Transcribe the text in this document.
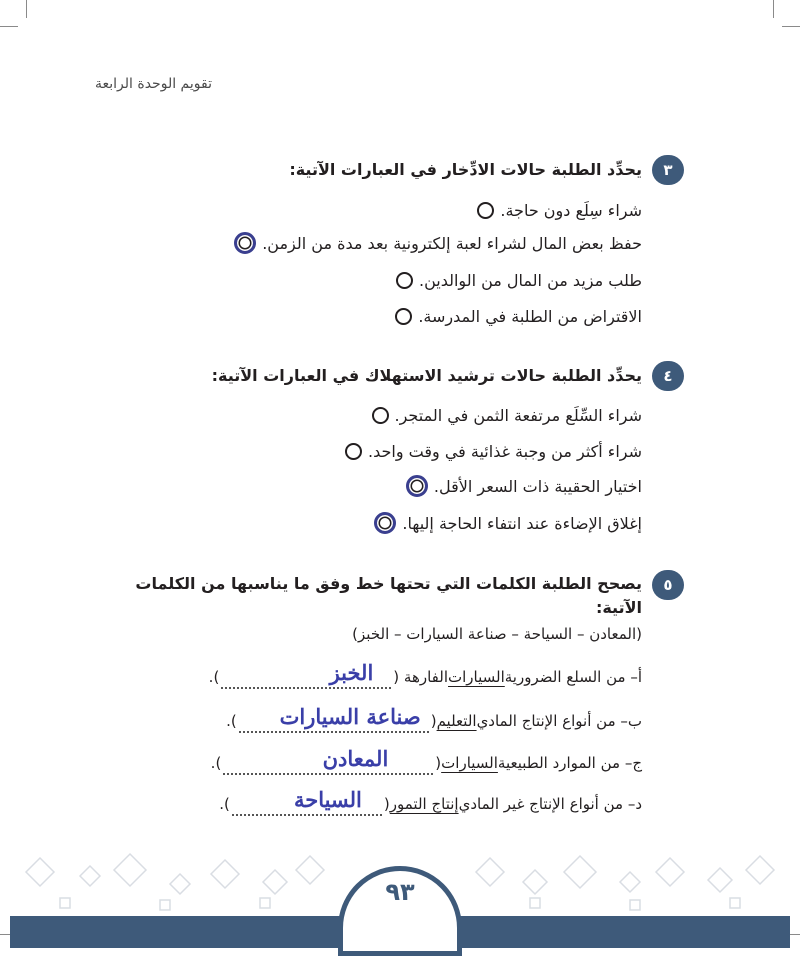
تقويم الوحدة الرابعة
٣
يحدِّد الطلبة حالات الادِّخار في العبارات الآتية:
شراء سِلَع دون حاجة.
حفظ بعض المال لشراء لعبة إلكترونية بعد مدة من الزمن.
طلب مزيد من المال من الوالدين.
الاقتراض من الطلبة في المدرسة.
٤
يحدِّد الطلبة حالات ترشيد الاستهلاك في العبارات الآتية:
شراء السِّلَع مرتفعة الثمن في المتجر.
شراء أكثر من وجبة غذائية في وقت واحد.
اختيار الحقيبة ذات السعر الأقل.
إغلاق الإضاءة عند انتفاء الحاجة إليها.
٥
يصحح الطلبة الكلمات التي تحتها خط وفق ما يناسبها من الكلمات
الآتية:
(المعادن – السياحة – صناعة السيارات – الخبز)
أ– من السلع الضرورية
السيارات
الفارهة (
الخبز
).
ب– من أنواع الإنتاج المادي
التعليم
(
صناعة السيارات
).
ج– من الموارد الطبيعية
السيارات
(
المعادن
).
د– من أنواع الإنتاج غير المادي
إنتاج التمور
(
السياحة
).
٩٣
